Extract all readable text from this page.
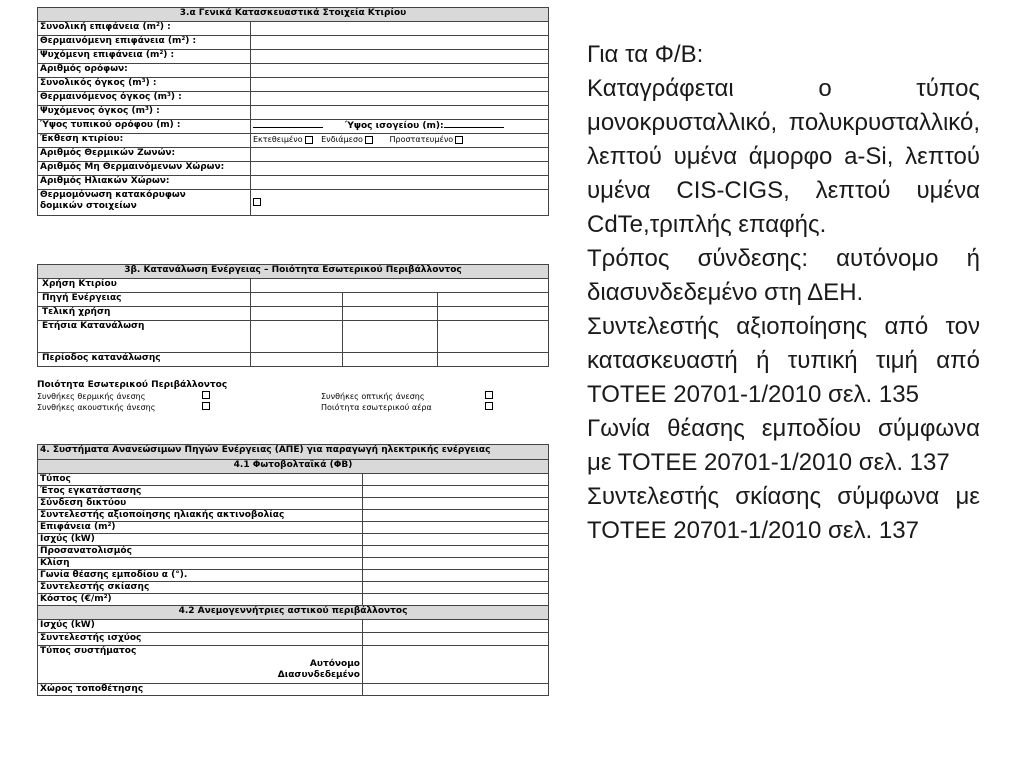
3.α Γενικά Κατασκευαστικά Στοιχεία Κτιρίου	
Συνολική επιφάνεια (m²) :	
Θερμαινόμενη επιφάνεια (m²) :	
Ψυχόμενη επιφάνεια (m²) :	
Αριθμός ορόφων:	
Συνολικός όγκος (m³) :	
Θερμαινόμενος όγκος (m³) :	
Ψυχόμενος όγκος (m³) :	
Ύψος τυπικού ορόφου (m) :	Ύψος ισογείου (m):
Έκθεση κτιρίου:	Εκτεθειμένο Ενδιάμεσο Προστατευμένο
Αριθμός Θερμικών Ζωνών:	
Αριθμός Μη Θερμαινόμενων Χώρων:	
Αριθμός Ηλιακών Χώρων:	

Θερμομόνωση κατακόρυφων
δομικών στοιχείων	

3β. Κατανάλωση Ενέργειας – Ποιότητα Εσωτερικού Περιβάλλοντος			
Χρήση Κτιρίου			
Πηγή Ενέργειας			
Τελική χρήση			
Ετήσια Κατανάλωση			
Περίοδος κατανάλωσης			
Ποιότητα Εσωτερικού Περιβάλλοντος
Συνθήκες θερμικής άνεσης	Συνθήκες οπτικής άνεσης
Συνθήκες ακουστικής άνεσης	Ποιότητα εσωτερικού αέρα
4. Συστήματα Ανανεώσιμων Πηγών Ενέργειας (ΑΠΕ) για παραγωγή ηλεκτρικής ενέργειας	
4.1 Φωτοβολταϊκά (ΦΒ)	
Τύπος	
Έτος εγκατάστασης	
Σύνδεση δικτύου	
Συντελεστής αξιοποίησης ηλιακής ακτινοβολίας	
Επιφάνεια (m²)	
Ισχύς (kW)	
Προσανατολισμός	
Κλίση	
Γωνία θέασης εμποδίου α (°).	
Συντελεστής σκίασης	
Κόστος (€/m²)	
4.2 Ανεμογεννήτριες αστικού περιβάλλοντος	
Ισχύς (kW)	
Συντελεστής ισχύος	

Τύπος συστήματος
Αυτόνομο
Διασυνδεδεμένο	

Χώρος τοποθέτησης	

Για τα Φ/Β:

Καταγράφεται ο τύπος μονοκρυσταλλικό, πολυκρυσταλλικό, λεπτού υμένα άμορφο a-Si, λεπτού υμένα CIS-CIGS, λεπτού υμένα CdTe,τριπλής επαφής.

Τρόπος σύνδεσης: αυτόνομο ή διασυνδεδεμένο στη ΔΕΗ.

Συντελεστής αξιοποίησης από τον κατασκευαστή ή τυπική τιμή από ΤΟΤΕΕ 20701-1/2010 σελ. 135

Γωνία θέασης εμποδίου σύμφωνα με ΤΟΤΕΕ 20701-1/2010 σελ. 137

Συντελεστής σκίασης σύμφωνα με ΤΟΤΕΕ 20701-1/2010 σελ. 137
